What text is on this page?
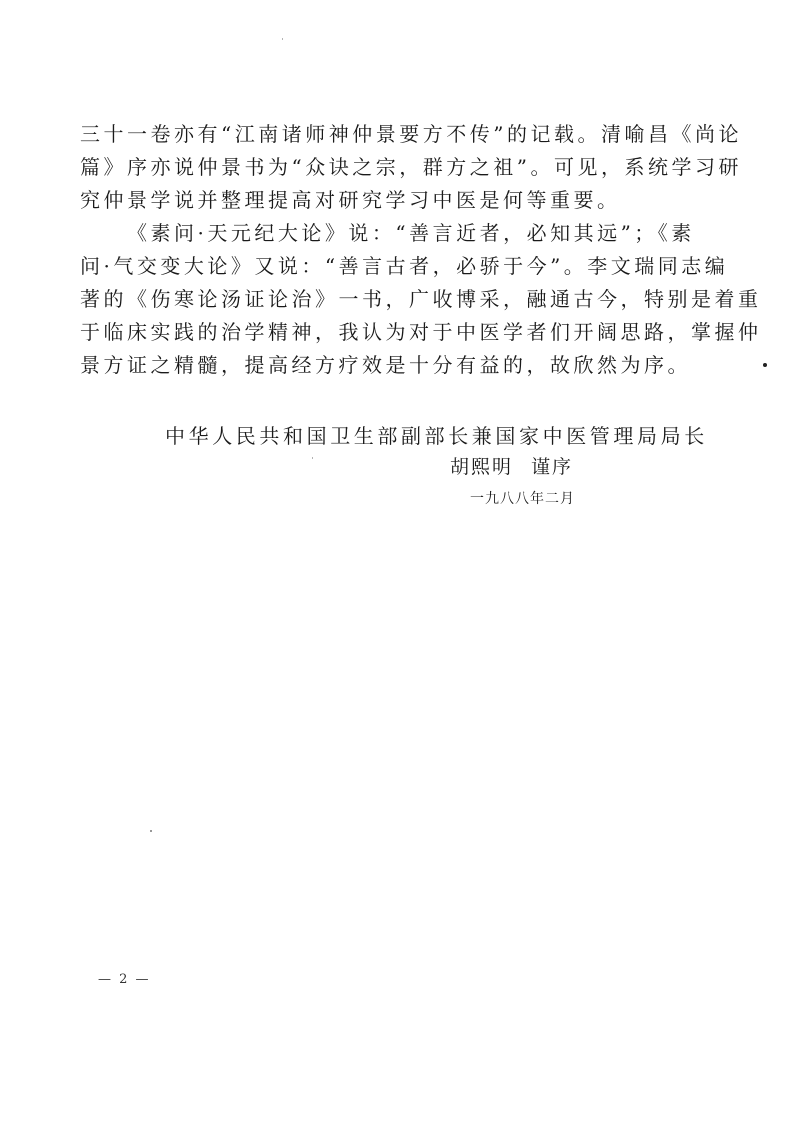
三十一卷亦有“江南诸师神仲景要方不传”的记载。清喻昌《尚论
篇》序亦说仲景书为“众诀之宗，群方之祖”。可见，系统学习研
究仲景学说并整理提高对研究学习中医是何等重要。
《素问·天元纪大论》说：“善言近者，必知其远”；《素
问·气交变大论》又说：“善言古者，必骄于今”。李文瑞同志编
著的《伤寒论汤证论治》一书，广收博采，融通古今，特别是着重
于临床实践的治学精神，我认为对于中医学者们开阔思路，掌握仲
景方证之精髓，提高经方疗效是十分有益的，故欣然为序。
中华人民共和国卫生部副部长兼国家中医管理局局长
胡熙明 谨序
一九八八年二月
— 2 —
